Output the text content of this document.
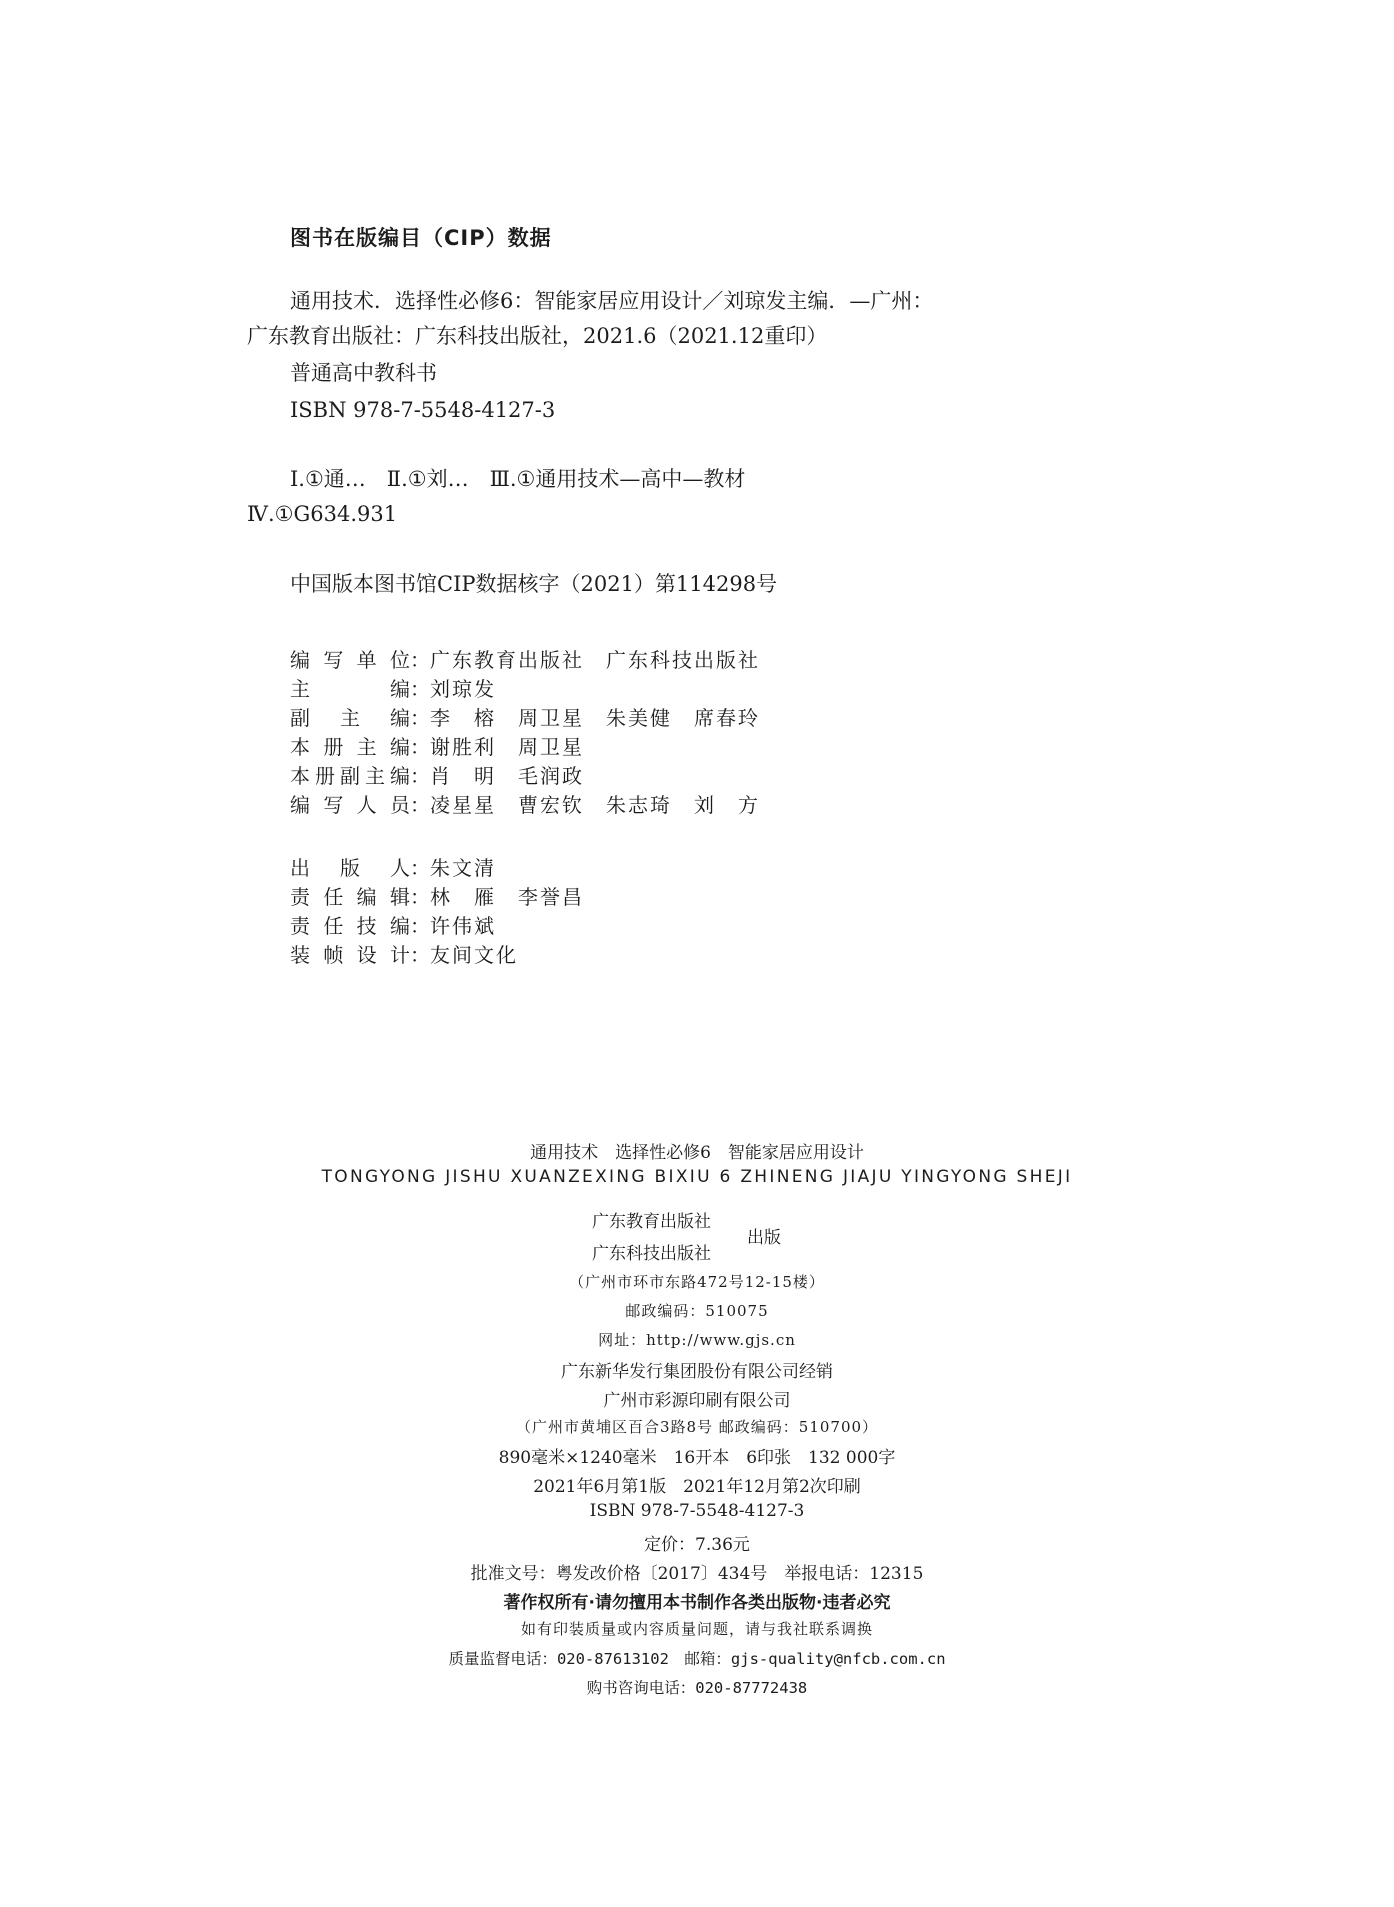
图书在版编目（CIP）数据
通用技术．选择性必修6：智能家居应用设计／刘琼发主编．—广州：
广东教育出版社：广东科技出版社，2021.6（2021.12重印）
普通高中教科书
ISBN 978-7-5548-4127-3
Ⅰ.①通…　Ⅱ.①刘…　Ⅲ.①通用技术—高中—教材
Ⅳ.①G634.931
中国版本图书馆CIP数据核字（2021）第114298号
编写单位：广东教育出版社　广东科技出版社
主编：刘琼发
副主编：李　榕　周卫星　朱美健　席春玲
本册主编：谢胜利　周卫星
本册副主编：肖　明　毛润政
编写人员：凌星星　曹宏钦　朱志琦　刘　方
出版人：朱文清
责任编辑：林　雁　李誉昌
责任技编：许伟斌
装帧设计：友间文化
通用技术　选择性必修6　智能家居应用设计
TONGYONG JISHU XUANZEXING BIXIU 6 ZHINENG JIAJU YINGYONG SHEJI
广东教育出版社
广东科技出版社
出版
（广州市环市东路472号12-15楼）
邮政编码：510075
网址：http://www.gjs.cn
广东新华发行集团股份有限公司经销
广州市彩源印刷有限公司
（广州市黄埔区百合3路8号 邮政编码：510700）
890毫米×1240毫米　16开本　6印张　132 000字
2021年6月第1版　2021年12月第2次印刷
ISBN 978-7-5548-4127-3
定价：7.36元
批准文号：粤发改价格〔2017〕434号　举报电话：12315
著作权所有·请勿擅用本书制作各类出版物·违者必究
如有印装质量或内容质量问题，请与我社联系调换
质量监督电话：020-87613102　邮箱：gjs-quality@nfcb.com.cn
购书咨询电话：020-87772438
